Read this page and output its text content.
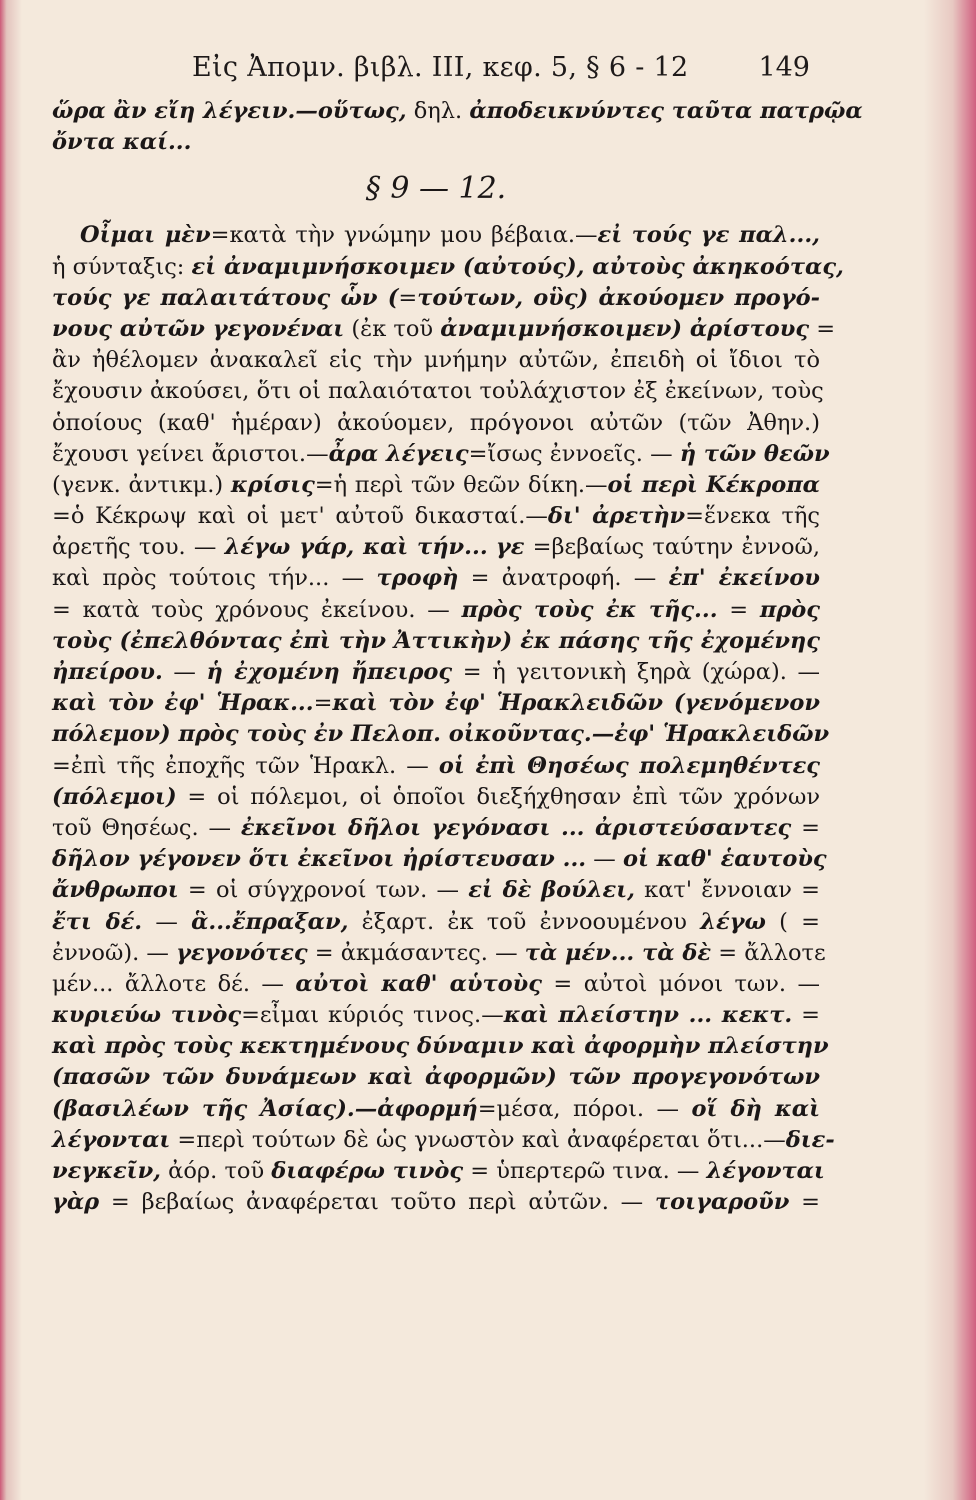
Εἰς Ἀπομν. βιβλ. III, κεφ. 5, § 6 - 12	149
ὥρα ἂν εἴη λέγειν.—οὕτως, δηλ. ἀποδεικνύντες ταῦτα πατρῷα
ὄντα καί...
§ 9 — 12.
Οἶμαι μὲν=κατὰ τὴν γνώμην μου βέβαια.—εἰ τούς γε παλ...,
ἡ σύνταξις: εἰ ἀναμιμνήσκοιμεν (αὐτούς), αὐτοὺς ἀκηκοότας,
τούς γε παλαιτάτους ὧν (=τούτων, οὓς) ἀκούομεν προγό-
νους αὐτῶν γεγονέναι (ἐκ τοῦ ἀναμιμνήσκοιμεν) ἀρίστους =
ἂν ἠθέλομεν ἀνακαλεῖ εἰς τὴν μνήμην αὐτῶν, ἐπειδὴ οἱ ἴδιοι τὸ
ἔχουσιν ἀκούσει, ὅτι οἱ παλαιότατοι τοὐλάχιστον ἐξ ἐκείνων, τοὺς
ὁποίους (καθ' ἡμέραν) ἀκούομεν, πρόγονοι αὐτῶν (τῶν Ἀθην.)
ἔχουσι γείνει ἄριστοι.—ἆρα λέγεις=ἴσως ἐννοεῖς. — ἡ τῶν θεῶν
(γενκ. ἀντικμ.) κρίσις=ἡ περὶ τῶν θεῶν δίκη.—οἱ περὶ Κέκροπα
=ὁ Κέκρωψ καὶ οἱ μετ' αὐτοῦ δικασταί.—δι' ἀρετὴν=ἕνεκα τῆς
ἀρετῆς του. — λέγω γάρ, καὶ τήν... γε =βεβαίως ταύτην ἐννοῶ,
καὶ πρὸς τούτοις τήν... — τροφὴ = ἀνατροφή. — ἐπ' ἐκείνου
= κατὰ τοὺς χρόνους ἐκείνου. — πρὸς τοὺς ἐκ τῆς... = πρὸς
τοὺς (ἐπελθόντας ἐπὶ τὴν Ἀττικὴν) ἐκ πάσης τῆς ἐχομένης
ἠπείρου. — ἡ ἐχομένη ἤπειρος = ἡ γειτονικὴ ξηρὰ (χώρα). —
καὶ τὸν ἐφ' Ἡρακ...=καὶ τὸν ἐφ' Ἡρακλειδῶν (γενόμενον
πόλεμον) πρὸς τοὺς ἐν Πελοπ. οἰκοῦντας.—ἐφ' Ἡρακλειδῶν
=ἐπὶ τῆς ἐποχῆς τῶν Ἡρακλ. — οἱ ἐπὶ Θησέως πολεμηθέντες
(πόλεμοι) = οἱ πόλεμοι, οἱ ὁποῖοι διεξήχθησαν ἐπὶ τῶν χρόνων
τοῦ Θησέως. — ἐκεῖνοι δῆλοι γεγόνασι ... ἀριστεύσαντες =
δῆλον γέγονεν ὅτι ἐκεῖνοι ἠρίστευσαν ... — οἱ καθ' ἑαυτοὺς
ἄνθρωποι = οἱ σύγχρονοί των. — εἰ δὲ βούλει, κατ' ἔννοιαν =
ἔτι δέ. — ἃ...ἔπραξαν, ἐξαρτ. ἐκ τοῦ ἐννοουμένου λέγω ( =
ἐννοῶ). — γεγονότες = ἀκμάσαντες. — τὰ μέν... τὰ δὲ = ἄλλοτε
μέν... ἄλλοτε δέ. — αὐτοὶ καθ' αὑτοὺς = αὐτοὶ μόνοι των. —
κυριεύω τινὸς=εἶμαι κύριός τινος.—καὶ πλείστην ... κεκτ. =
καὶ πρὸς τοὺς κεκτημένους δύναμιν καὶ ἀφορμὴν πλείστην
(πασῶν τῶν δυνάμεων καὶ ἀφορμῶν) τῶν προγεγονότων
(βασιλέων τῆς Ἀσίας).—ἀφορμή=μέσα, πόροι. — οἵ δὴ καὶ
λέγονται =περὶ τούτων δὲ ὡς γνωστὸν καὶ ἀναφέρεται ὅτι...—διε-
νεγκεῖν, ἀόρ. τοῦ διαφέρω τινὸς = ὑπερτερῶ τινα. — λέγονται
γὰρ = βεβαίως ἀναφέρεται τοῦτο περὶ αὐτῶν. — τοιγαροῦν =
